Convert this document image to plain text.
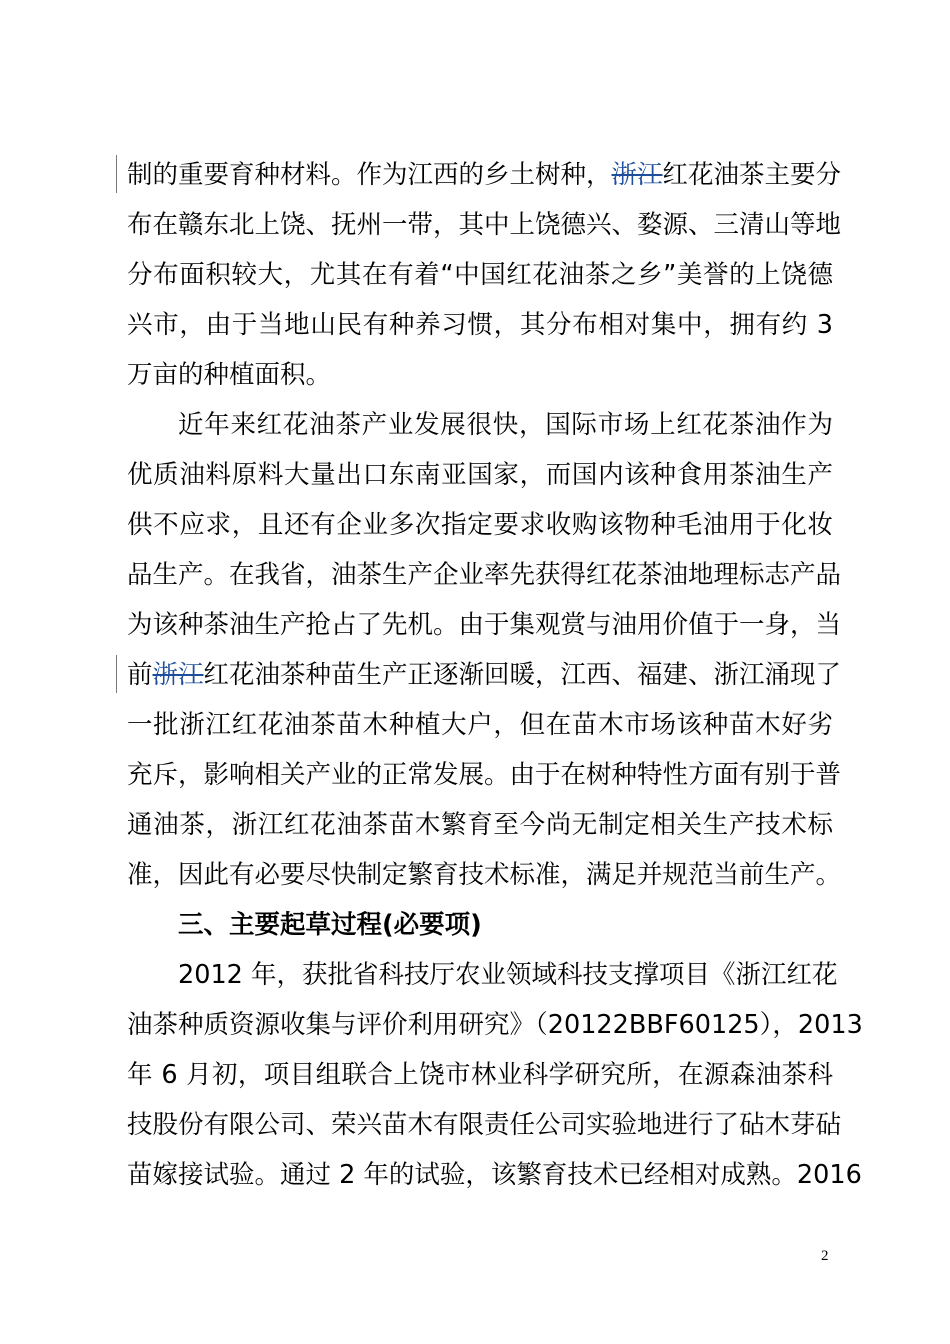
制的重要育种材料。作为江西的乡土树种，浙江红花油茶主要分
布在赣东北上饶、抚州一带，其中上饶德兴、婺源、三清山等地
分布面积较大，尤其在有着“中国红花油茶之乡”美誉的上饶德
兴市，由于当地山民有种养习惯，其分布相对集中，拥有约 3
万亩的种植面积。
近年来红花油茶产业发展很快，国际市场上红花茶油作为
优质油料原料大量出口东南亚国家，而国内该种食用茶油生产
供不应求，且还有企业多次指定要求收购该物种毛油用于化妆
品生产。在我省，油茶生产企业率先获得红花茶油地理标志产品
为该种茶油生产抢占了先机。由于集观赏与油用价值于一身，当
前浙江红花油茶种苗生产正逐渐回暖，江西、福建、浙江涌现了
一批浙江红花油茶苗木种植大户，但在苗木市场该种苗木好劣
充斥，影响相关产业的正常发展。由于在树种特性方面有别于普
通油茶，浙江红花油茶苗木繁育至今尚无制定相关生产技术标
准，因此有必要尽快制定繁育技术标准，满足并规范当前生产。
三、主要起草过程(必要项)
2012 年，获批省科技厅农业领域科技支撑项目《浙江红花
油茶种质资源收集与评价利用研究》（20122BBF60125），2013
年 6 月初，项目组联合上饶市林业科学研究所，在源森油茶科
技股份有限公司、荣兴苗木有限责任公司实验地进行了砧木芽砧
苗嫁接试验。通过 2 年的试验，该繁育技术已经相对成熟。2016
2
